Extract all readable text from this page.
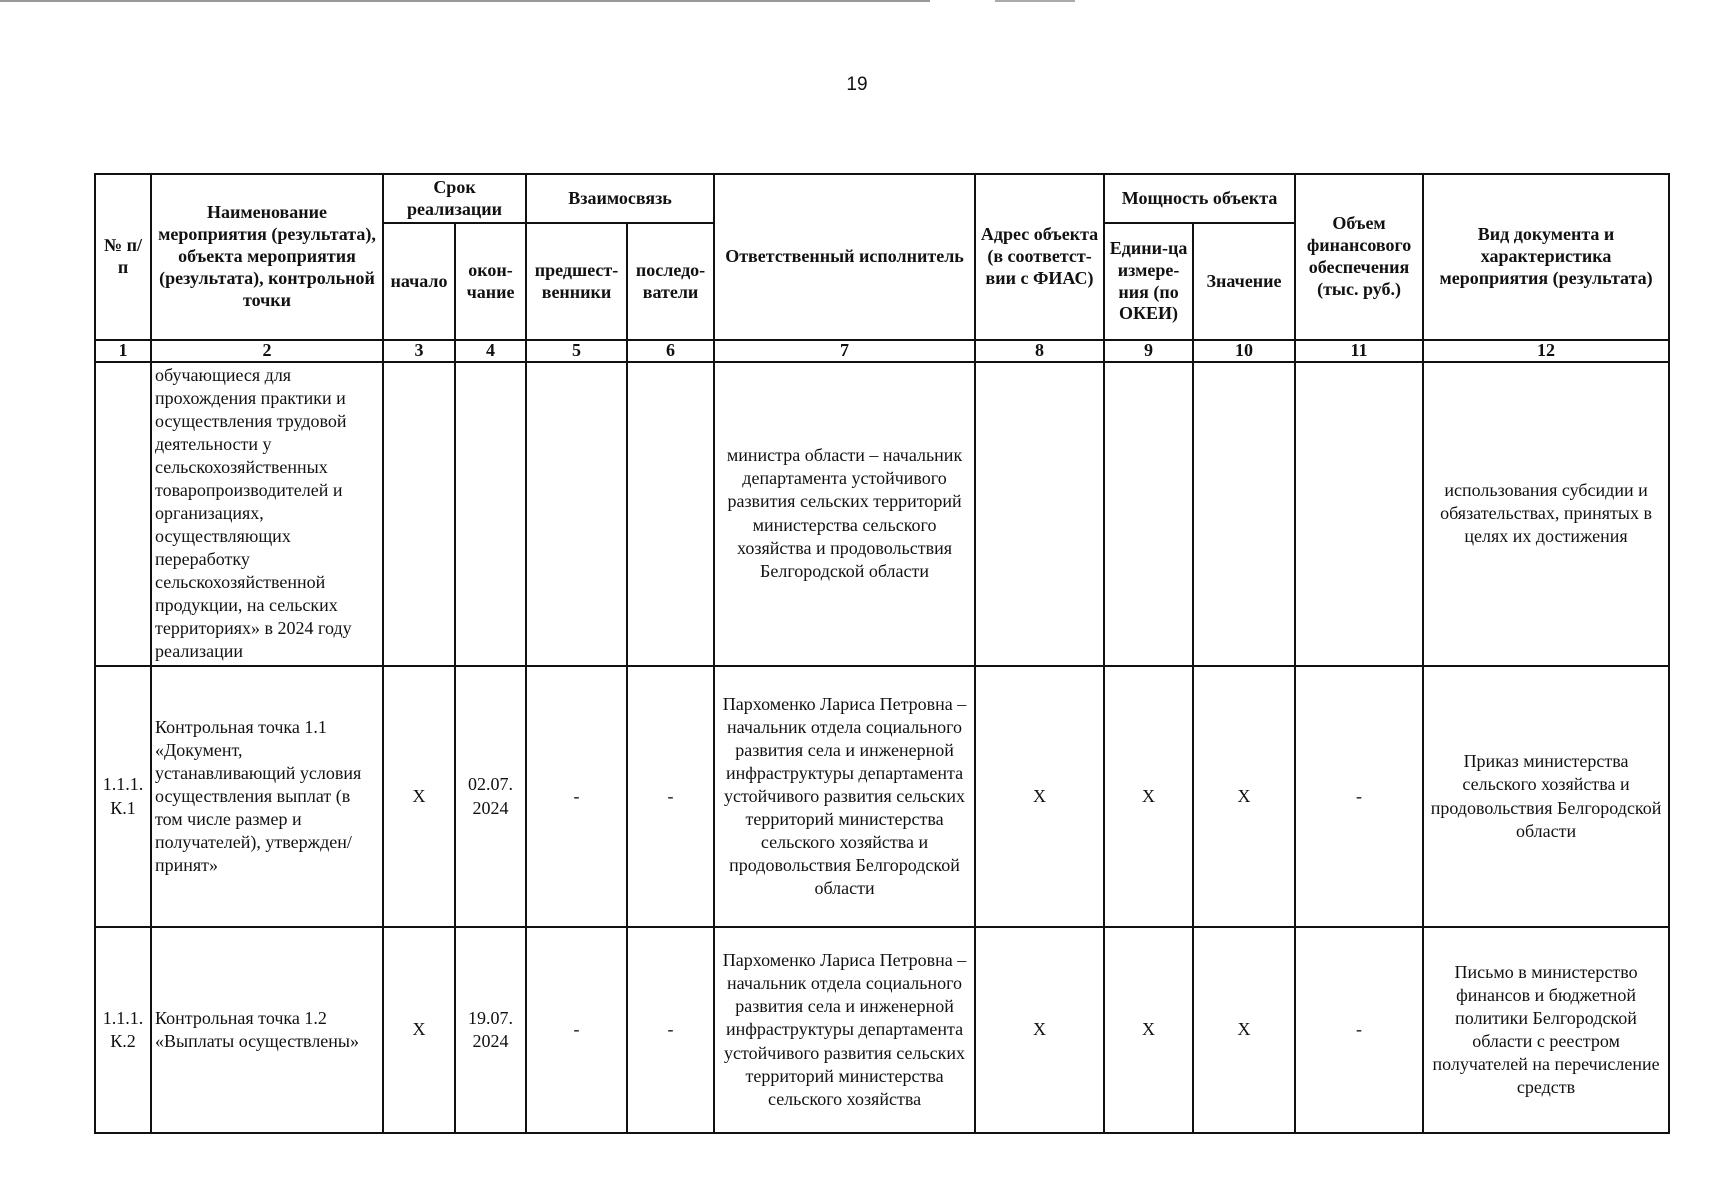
19
№ п/п	Наименование мероприятия (результата), объекта мероприятия (результата), контрольной точки	Срок реализации		Взаимосвязь		Ответственный исполнитель	Адрес объекта (в соответст-вии с ФИАС)	Мощность объекта		Объем финансового обеспечения (тыс. руб.)	Вид документа и характеристика мероприятия (результата)
		начало	окон-чание	предшест-венники	последо-ватели			Едини-ца измере-ния (по ОКЕИ)	Значение		
1	2	3	4	5	6	7	8	9	10	11	12
	обучающиеся для прохождения практики и осуществления трудовой деятельности у сельскохозяйственных товаропроизводителей и организациях, осуществляющих переработку сельскохозяйственной продукции, на сельских территориях» в 2024 году реализации					министра области – начальник департамента устойчивого развития сельских территорий министерства сельского хозяйства и продовольствия Белгородской области					использования субсидии и обязательствах, принятых в целях их достижения
1.1.1. К.1	Контрольная точка 1.1 «Документ, устанавливающий условия осуществления выплат (в том числе размер и получателей), утвержден/принят»	X	02.07. 2024	-	-	Пархоменко Лариса Петровна – начальник отдела социального развития села и инженерной инфраструктуры департамента устойчивого развития сельских территорий министерства сельского хозяйства и продовольствия Белгородской области	X	X	X	-	Приказ министерства сельского хозяйства и продовольствия Белгородской области
1.1.1. К.2	Контрольная точка 1.2 «Выплаты осуществлены»	X	19.07. 2024	-	-	Пархоменко Лариса Петровна – начальник отдела социального развития села и инженерной инфраструктуры департамента устойчивого развития сельских территорий министерства сельского хозяйства	X	X	X	-	Письмо в министерство финансов и бюджетной политики Белгородской области с реестром получателей на перечисление средств
